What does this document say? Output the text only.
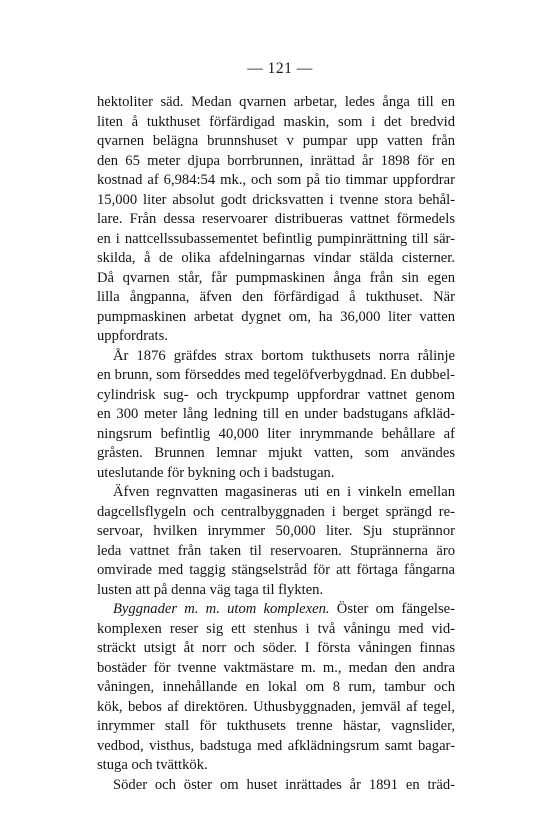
— 121 —
hektoliter säd. Medan qvarnen arbetar, ledes ånga till en
liten å tukthuset förfärdigad maskin, som i det bredvid
qvarnen belägna brunnshuset v pumpar upp vatten från
den 65 meter djupa borrbrunnen, inrättad år 1898 för en
kostnad af 6,984:54 mk., och som på tio timmar uppfordrar
15,000 liter absolut godt dricksvatten i tvenne stora behål-
lare. Från dessa reservoarer distribueras vattnet förmedels
en i nattcellssubassementet befintlig pumpinrättning till sär-
skilda, å de olika afdelningarnas vindar stälda cisterner.
Då qvarnen står, får pumpmaskinen ånga från sin egen
lilla ångpanna, äfven den förfärdigad å tukthuset. När
pumpmaskinen arbetat dygnet om, ha 36,000 liter vatten
uppfordrats.
År 1876 gräfdes strax bortom tukthusets norra rålinje
en brunn, som förseddes med tegelöfverbygdnad. En dubbel-
cylindrisk sug- och tryckpump uppfordrar vattnet genom
en 300 meter lång ledning till en under badstugans afkläd-
ningsrum befintlig 40,000 liter inrymmande behållare af
gråsten. Brunnen lemnar mjukt vatten, som användes
uteslutande för bykning och i badstugan.
Äfven regnvatten magasineras uti en i vinkeln emellan
dagcellsflygeln och centralbyggnaden i berget sprängd re-
servoar, hvilken inrymmer 50,000 liter. Sju stuprännor
leda vattnet från taken til reservoaren. Stuprännerna äro
omvirade med taggig stängselstråd för att förtaga fångarna
lusten att på denna väg taga til flykten.
Byggnader m. m. utom komplexen. Öster om fängelse-
komplexen reser sig ett stenhus i två våningu med vid-
sträckt utsigt åt norr och söder. I första våningen finnas
bostäder för tvenne vaktmästare m. m., medan den andra
våningen, innehållande en lokal om 8 rum, tambur och
kök, bebos af direktören. Uthusbyggnaden, jemväl af tegel,
inrymmer stall för tukthusets trenne hästar, vagnslider,
vedbod, visthus, badstuga med afklädningsrum samt bagar-
stuga och tvättkök.
Söder och öster om huset inrättades år 1891 en träd-
